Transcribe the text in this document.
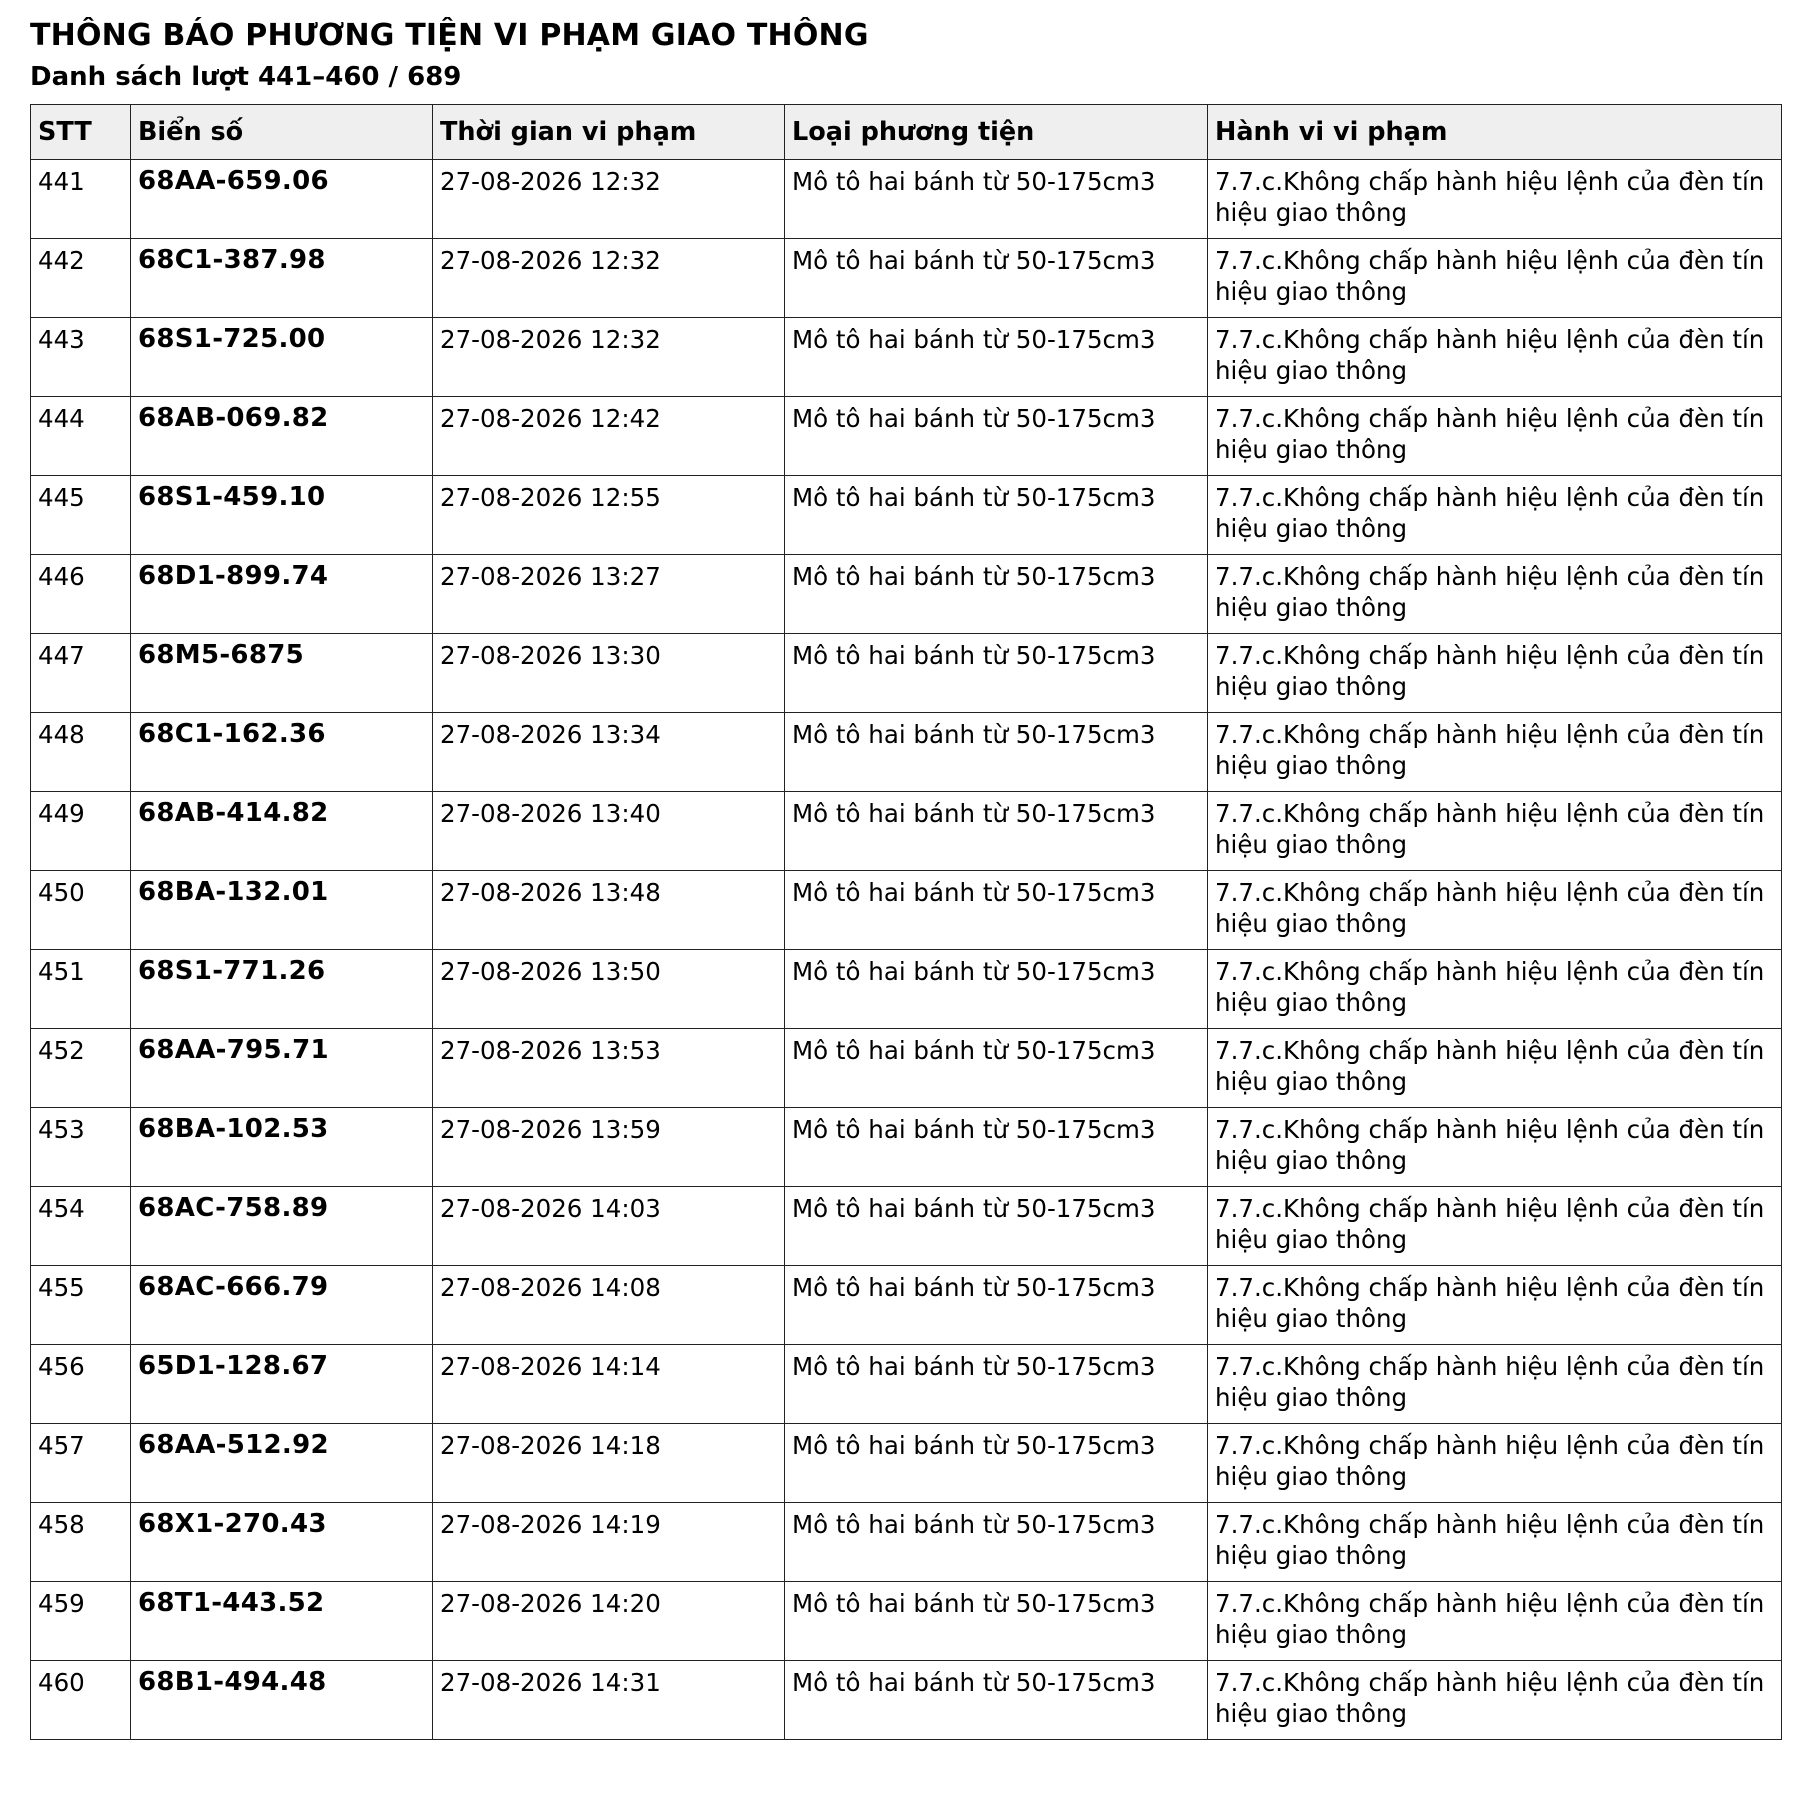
THÔNG BÁO PHƯƠNG TIỆN VI PHẠM GIAO THÔNG
Danh sách lượt 441–460 / 689
STT	Biển số	Thời gian vi phạm	Loại phương tiện	Hành vi vi phạm
441	68AA-659.06	27-08-2026 12:32	Mô tô hai bánh từ 50-175cm3	7.7.c.Không chấp hành hiệu lệnh của đèn tín hiệu giao thông
442	68C1-387.98	27-08-2026 12:32	Mô tô hai bánh từ 50-175cm3	7.7.c.Không chấp hành hiệu lệnh của đèn tín hiệu giao thông
443	68S1-725.00	27-08-2026 12:32	Mô tô hai bánh từ 50-175cm3	7.7.c.Không chấp hành hiệu lệnh của đèn tín hiệu giao thông
444	68AB-069.82	27-08-2026 12:42	Mô tô hai bánh từ 50-175cm3	7.7.c.Không chấp hành hiệu lệnh của đèn tín hiệu giao thông
445	68S1-459.10	27-08-2026 12:55	Mô tô hai bánh từ 50-175cm3	7.7.c.Không chấp hành hiệu lệnh của đèn tín hiệu giao thông
446	68D1-899.74	27-08-2026 13:27	Mô tô hai bánh từ 50-175cm3	7.7.c.Không chấp hành hiệu lệnh của đèn tín hiệu giao thông
447	68M5-6875	27-08-2026 13:30	Mô tô hai bánh từ 50-175cm3	7.7.c.Không chấp hành hiệu lệnh của đèn tín hiệu giao thông
448	68C1-162.36	27-08-2026 13:34	Mô tô hai bánh từ 50-175cm3	7.7.c.Không chấp hành hiệu lệnh của đèn tín hiệu giao thông
449	68AB-414.82	27-08-2026 13:40	Mô tô hai bánh từ 50-175cm3	7.7.c.Không chấp hành hiệu lệnh của đèn tín hiệu giao thông
450	68BA-132.01	27-08-2026 13:48	Mô tô hai bánh từ 50-175cm3	7.7.c.Không chấp hành hiệu lệnh của đèn tín hiệu giao thông
451	68S1-771.26	27-08-2026 13:50	Mô tô hai bánh từ 50-175cm3	7.7.c.Không chấp hành hiệu lệnh của đèn tín hiệu giao thông
452	68AA-795.71	27-08-2026 13:53	Mô tô hai bánh từ 50-175cm3	7.7.c.Không chấp hành hiệu lệnh của đèn tín hiệu giao thông
453	68BA-102.53	27-08-2026 13:59	Mô tô hai bánh từ 50-175cm3	7.7.c.Không chấp hành hiệu lệnh của đèn tín hiệu giao thông
454	68AC-758.89	27-08-2026 14:03	Mô tô hai bánh từ 50-175cm3	7.7.c.Không chấp hành hiệu lệnh của đèn tín hiệu giao thông
455	68AC-666.79	27-08-2026 14:08	Mô tô hai bánh từ 50-175cm3	7.7.c.Không chấp hành hiệu lệnh của đèn tín hiệu giao thông
456	65D1-128.67	27-08-2026 14:14	Mô tô hai bánh từ 50-175cm3	7.7.c.Không chấp hành hiệu lệnh của đèn tín hiệu giao thông
457	68AA-512.92	27-08-2026 14:18	Mô tô hai bánh từ 50-175cm3	7.7.c.Không chấp hành hiệu lệnh của đèn tín hiệu giao thông
458	68X1-270.43	27-08-2026 14:19	Mô tô hai bánh từ 50-175cm3	7.7.c.Không chấp hành hiệu lệnh của đèn tín hiệu giao thông
459	68T1-443.52	27-08-2026 14:20	Mô tô hai bánh từ 50-175cm3	7.7.c.Không chấp hành hiệu lệnh của đèn tín hiệu giao thông
460	68B1-494.48	27-08-2026 14:31	Mô tô hai bánh từ 50-175cm3	7.7.c.Không chấp hành hiệu lệnh của đèn tín hiệu giao thông
